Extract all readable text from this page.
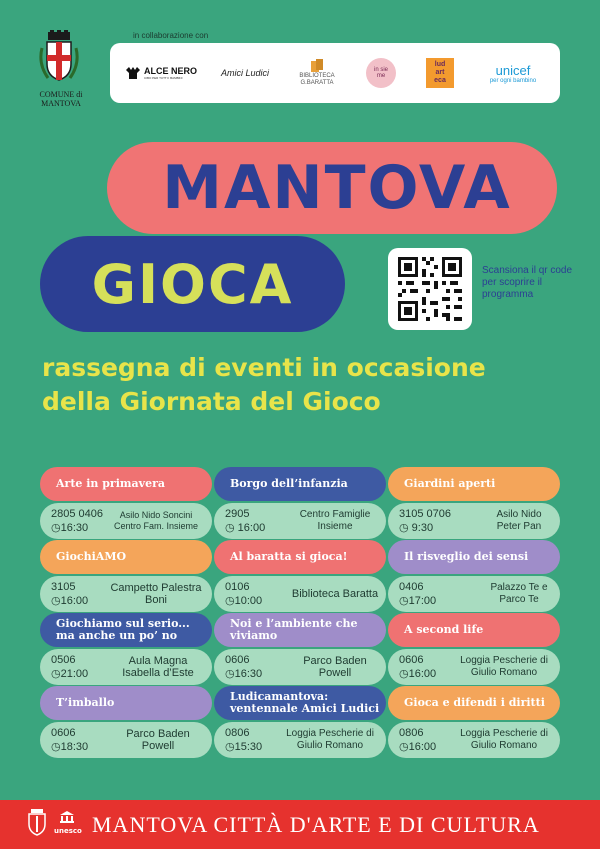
COMUNE di MANTOVA
in collaborazione con
ALCE NERO
CIBO PER TUTTI I BAMBINI	Amici Ludici	BIBLIOTECA G.BARATTA
in sie me
lud art eca
unicef
per ogni bambino
MANTOVA
GIOCA	Scansiona il qr code per scoprire il programma
rassegna di eventi in occasione
della Giornata del Gioco
Arte in primavera
2805 0406
◷16:30
Asilo Nido Soncini Centro Fam. Insieme
Borgo dell’infanzia
2905
◷ 16:00
Centro Famiglie Insieme
Giardini aperti
3105 0706
◷ 9:30
Asilo Nido Peter Pan
GiochiAMO
3105
◷16:00
Campetto Palestra Boni
Al baratta si gioca!
0106
◷10:00
Biblioteca Baratta
Il risveglio dei sensi
0406
◷17:00
Palazzo Te e Parco Te
Giochiamo sul serio... ma anche un po’ no
0506
◷21:00
Aula Magna Isabella d’Este
Noi e l’ambiente che viviamo
0606
◷16:30
Parco Baden Powell
A second life
0606
◷16:00
Loggia Pescherie di Giulio Romano
T’imballo
0606
◷18:30
Parco Baden Powell
Ludicamantova: ventennale Amici Ludici
0806
◷15:30
Loggia Pescherie di Giulio Romano
Gioca e difendi i diritti
0806
◷16:00
Loggia Pescherie di Giulio Romano
unesco MANTOVA CITTÀ D'ARTE E DI CULTURA
